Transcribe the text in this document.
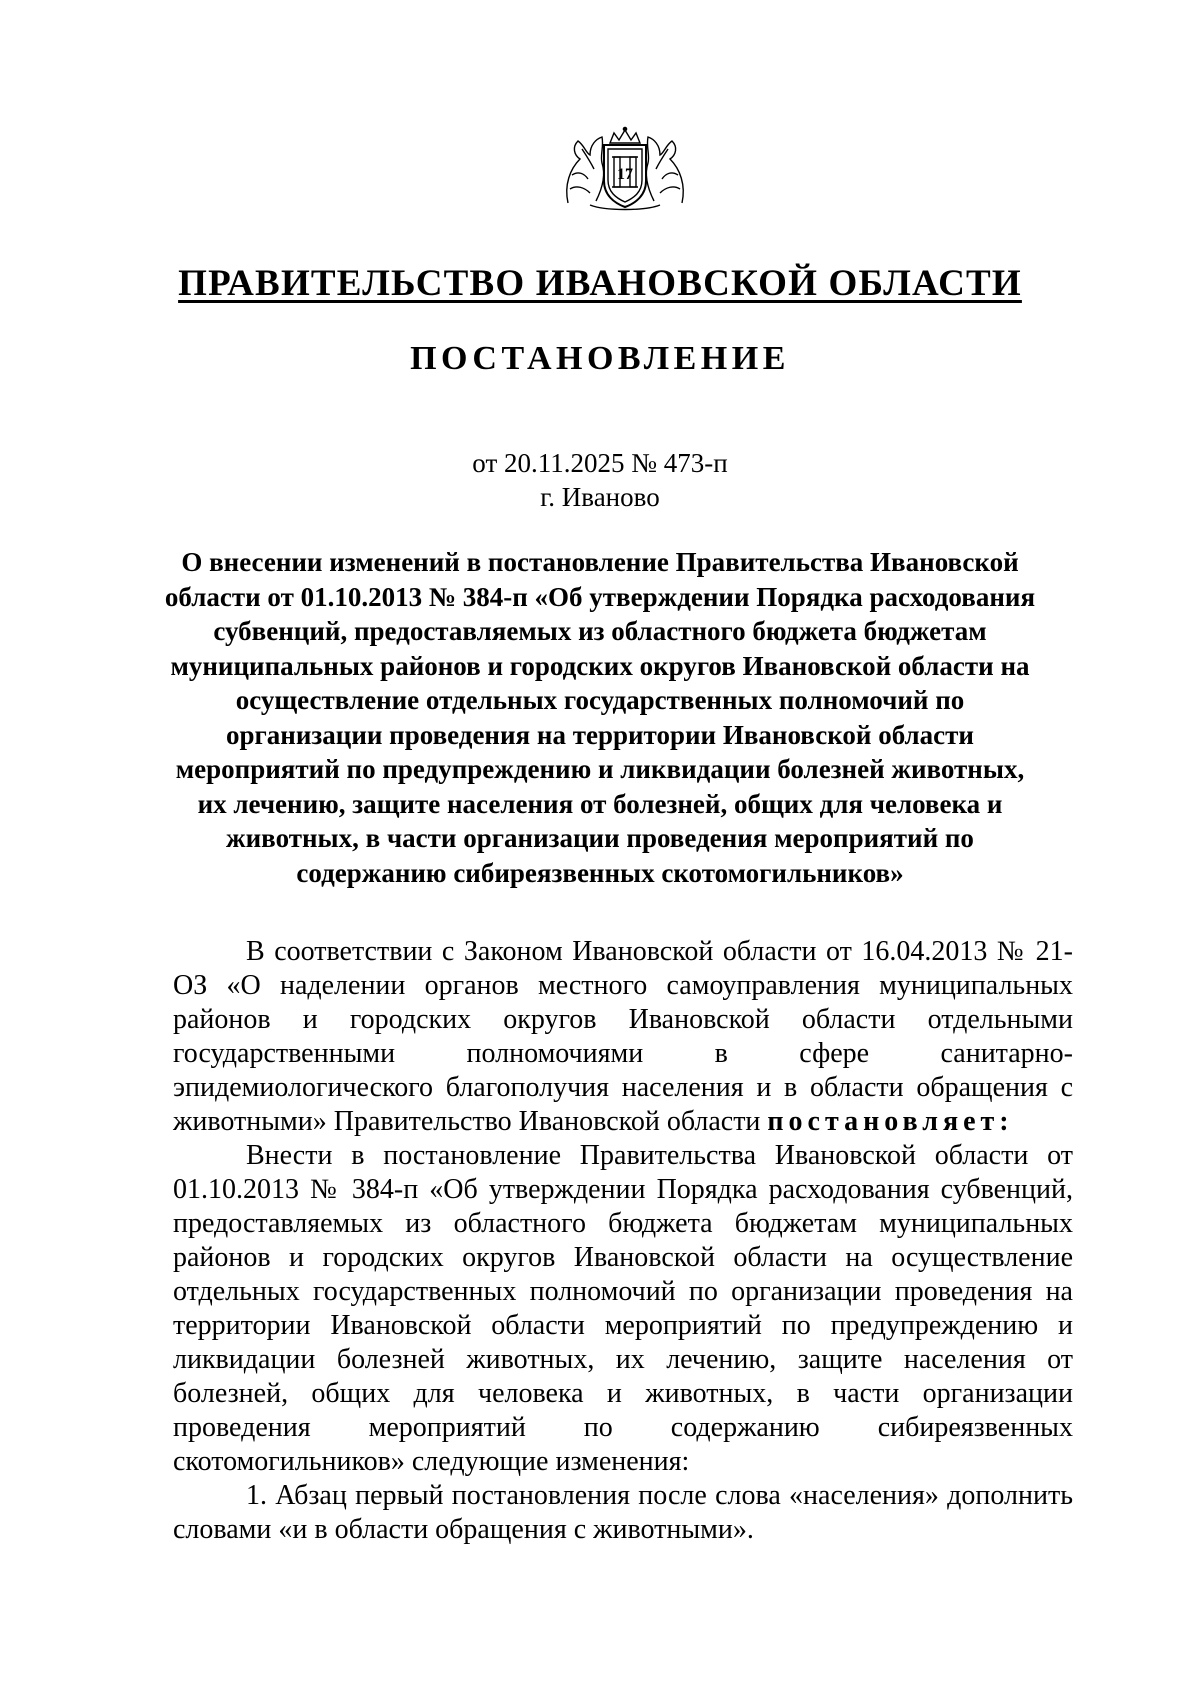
17
ПРАВИТЕЛЬСТВО ИВАНОВСКОЙ ОБЛАСТИ
ПОСТАНОВЛЕНИЕ
от 20.11.2025 № 473-п
г. Иваново
О внесении изменений в постановление Правительства Ивановской области от 01.10.2013 № 384-п «Об утверждении Порядка расходования субвенций, предоставляемых из областного бюджета бюджетам муниципальных районов и городских округов Ивановской области на осуществление отдельных государственных полномочий по организации проведения на территории Ивановской области мероприятий по предупреждению и ликвидации болезней животных, их лечению, защите населения от болезней, общих для человека и животных, в части организации проведения мероприятий по содержанию сибиреязвенных скотомогильников»

В соответствии с Законом Ивановской области от 16.04.2013 № 21-ОЗ «О наделении органов местного самоуправления муниципальных районов и городских округов Ивановской области отдельными государственными полномочиями в сфере санитарно-эпидемиологического благополучия населения и в области обращения с животными» Правительство Ивановской области постановляет:

Внести в постановление Правительства Ивановской области от 01.10.2013 № 384-п «Об утверждении Порядка расходования субвенций, предоставляемых из областного бюджета бюджетам муниципальных районов и городских округов Ивановской области на осуществление отдельных государственных полномочий по организации проведения на территории Ивановской области мероприятий по предупреждению и ликвидации болезней животных, их лечению, защите населения от болезней, общих для человека и животных, в части организации проведения мероприятий по содержанию сибиреязвенных скотомогильников» следующие изменения:

1. Абзац первый постановления после слова «населения» дополнить словами «и в области обращения с животными».
